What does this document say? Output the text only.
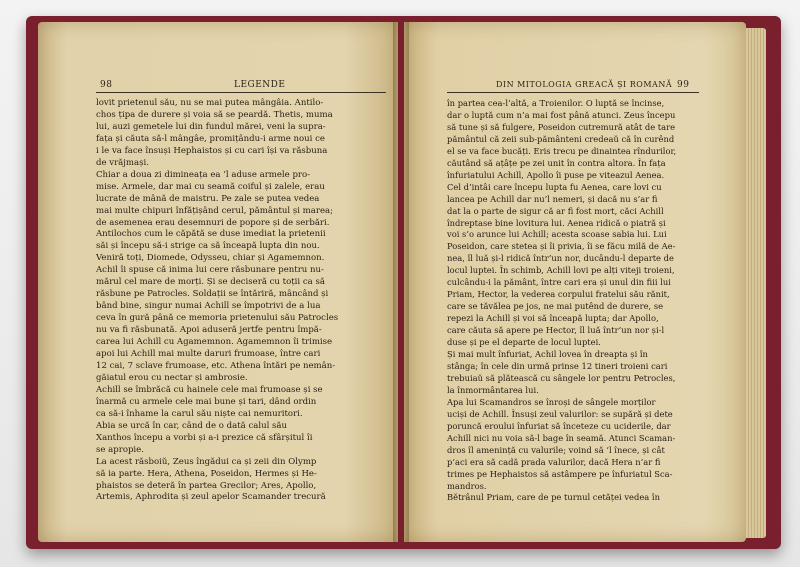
98	LEGENDE	DIN MITOLOGIA GREACĂ ȘI ROMANĂ 99

lovit prietenul său, nu se mai putea mângâia. Antilo-

chos țipa de durere și voia să se peardă. Thetis, muma

lui, auzi gemetele lui din fundul mărei, veni la supra-

fața și căuta să-l mângâe, promițându-i arme noui ce

i le va face însuși Hephaistos și cu cari își va răsbuna

de vrăjmași.

Chiar a doua zi dimineața ea ’l aduse armele pro-

mise. Armele, dar mai cu seamă coiful și zalele, erau

lucrate de mână de maistru. Pe zale se putea vedea

mai multe chipuri înfățișând cerul, pământul și marea;

de asemenea erau desemnuri de popore și de serbări.

Antilochos cum le căpătă se duse imediat la prietenii

săi și începu să-i strige ca să înceapă lupta din nou.

Veniră toți, Diomede, Odysseu, chiar și Agamemnon.

Achil îi spuse că inima lui cere răsbunare pentru nu-

mărul cel mare de morți. Și se deciseră cu toții ca să

răsbune pe Patrocles. Soldații se întăriră, mâncând și

bând bine, singur numai Achill se împotrivi de a lua

ceva în gură până ce memoria prietenului său Patrocles

nu va fi răsbunată. Apoi aduseră jertfe pentru împă-

carea lui Achill cu Agamemnon. Agamemnon îi trimise

apoi lui Achill mai multe daruri frumoase, între cari

12 cai, 7 sclave frumoase, etc. Athena întări pe nemân-

găiatul erou cu nectar și ambrosie.

Achill se îmbrăcă cu hainele cele mai frumoase și se

înarmă cu armele cele mai bune și tari, dând ordin

ca să-i înhame la carul său niște cai nemuritori.

Abia se urcă în car, când de o dată calul său

Xanthos începu a vorbi și a-i prezice că sfârșitul îi

se apropie.

La acest răsboiŭ, Zeus îngădui ca și zeii din Olymp

să ia parte. Hera, Athena, Poseidon, Hermes și He-

phaistos se deteră în partea Grecilor; Ares, Apollo,

Artemis, Aphrodita și zeul apelor Scamander trecură

în partea cea-l’altă, a Troienilor. O luptă se încinse,

dar o luptă cum n’a mai fost până atunci. Zeus începu

să tune și să fulgere, Poseidon cutremură atât de tare

pământul că zeii sub-pământeni credeaŭ că în curênd

el se va face bucăți. Eris trecu pe dinaintea rîndurilor,

căutând să ațâțe pe zei unit în contra altora. În fața

înfuriatului Achill, Apollo îi puse pe viteazul Aenea.

Cel d’intâi care începu lupta fu Aenea, care lovi cu

lancea pe Achill dar nu’l nemeri, și dacă nu s’ar fi

dat la o parte de sigur că ar fi fost mort, căci Achill

îndreptase bine lovitura lui. Aenea ridică o piatră și

voi s’o arunce lui Achill; acesta scoase sabia lui. Lui

Poseidon, care stetea și îi privia, îi se făcu milă de Ae-

nea, îl luă și-l ridică într’un nor, ducându-l departe de

locul luptei. În schimb, Achill lovi pe alți viteji troieni,

culcându-i la pământ, între cari era și unul din fiii lui

Priam, Hector, la vederea corpului fratelui său rănit,

care se tăvălea pe jos, ne mai putênd de durere, se

repezi la Achill și voi să înceapă lupta; dar Apollo,

care căuta să apere pe Hector, îl luă într’un nor și-l

duse și pe el departe de locul luptei.

Și mai mult înfuriat, Achil lovea în dreapta și în

stânga; în cele din urmă prinse 12 tineri troieni cari

trebuiaŭ să plătească cu sângele lor pentru Petrocles,

la înmormântarea lui.

Apa lui Scamandros se înroși de sângele morților

uciși de Achill. Însuși zeul valurilor: se supără și dete

poruncă eroului înfuriat să înceteze cu uciderile, dar

Achill nici nu voia să-l bage în seamă. Atunci Scaman-

dros îl amenință cu valurile; voind să ’l înece, și cât

p’aci era să cadă prada valurilor, dacă Hera n’ar fi

trimes pe Hephaistos să astâmpere pe înfuriatul Sca-

mandros.

Bĕtrânul Priam, care de pe turnul cetăței vedea în
